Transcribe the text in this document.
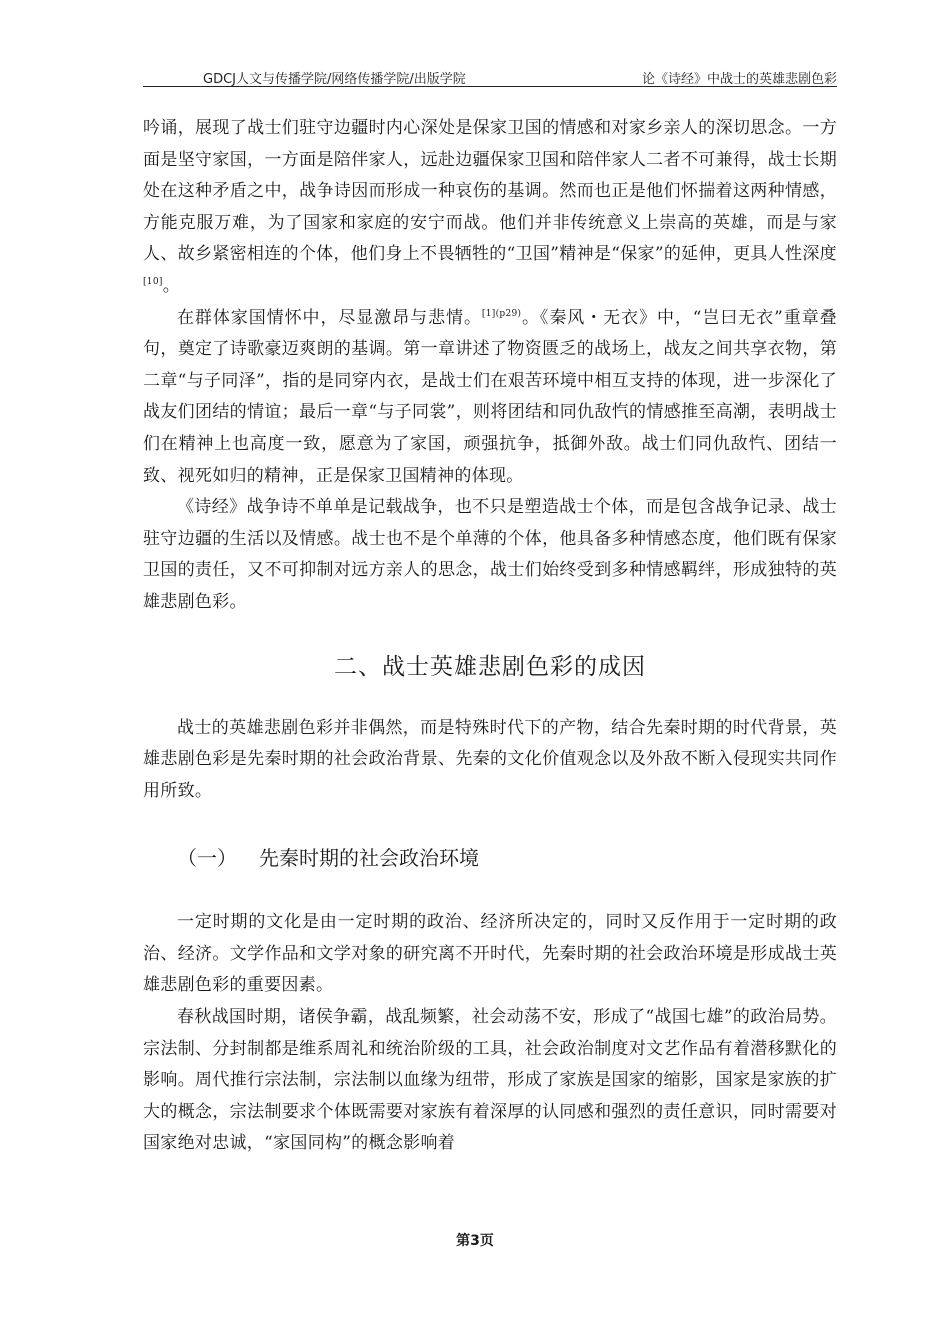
GDCJ人文与传播学院/网络传播学院/出版学院	论《诗经》中战士的英雄悲剧色彩

吟诵，展现了战士们驻守边疆时内心深处是保家卫国的情感和对家乡亲人的深切思念。一方面是坚守家国，一方面是陪伴家人，远赴边疆保家卫国和陪伴家人二者不可兼得，战士长期处在这种矛盾之中，战争诗因而形成一种哀伤的基调。然而也正是他们怀揣着这两种情感，方能克服万难，为了国家和家庭的安宁而战。他们并非传统意义上崇高的英雄，而是与家人、故乡紧密相连的个体，他们身上不畏牺牲的“卫国”精神是“保家”的延伸，更具人性深度[10]。

在群体家国情怀中，尽显激昂与悲情。$^{[1](p29)}$。《秦风・无衣》中，“岂曰无衣”重章叠句，奠定了诗歌豪迈爽朗的基调。第一章讲述了物资匮乏的战场上，战友之间共享衣物，第二章“与子同泽”，指的是同穿内衣，是战士们在艰苦环境中相互支持的体现，进一步深化了战友们团结的情谊；最后一章“与子同裳”，则将团结和同仇敌忾的情感推至高潮，表明战士们在精神上也高度一致，愿意为了家国，顽强抗争，抵御外敌。战士们同仇敌忾、团结一致、视死如归的精神，正是保家卫国精神的体现。

《诗经》战争诗不单单是记载战争，也不只是塑造战士个体，而是包含战争记录、战士驻守边疆的生活以及情感。战士也不是个单薄的个体，他具备多种情感态度，他们既有保家卫国的责任，又不可抑制对远方亲人的思念，战士们始终受到多种情感羁绊，形成独特的英雄悲剧色彩。

二、战士英雄悲剧色彩的成因

战士的英雄悲剧色彩并非偶然，而是特殊时代下的产物，结合先秦时期的时代背景，英雄悲剧色彩是先秦时期的社会政治背景、先秦的文化价值观念以及外敌不断入侵现实共同作用所致。

（一） 先秦时期的社会政治环境

一定时期的文化是由一定时期的政治、经济所决定的，同时又反作用于一定时期的政治、经济。文学作品和文学对象的研究离不开时代，先秦时期的社会政治环境是形成战士英雄悲剧色彩的重要因素。

春秋战国时期，诸侯争霸，战乱频繁，社会动荡不安，形成了“战国七雄”的政治局势。宗法制、分封制都是维系周礼和统治阶级的工具，社会政治制度对文艺作品有着潜移默化的影响。周代推行宗法制，宗法制以血缘为纽带，形成了家族是国家的缩影，国家是家族的扩大的概念，宗法制要求个体既需要对家族有着深厚的认同感和强烈的责任意识，同时需要对国家绝对忠诚，“家国同构”的概念影响着

第3页
